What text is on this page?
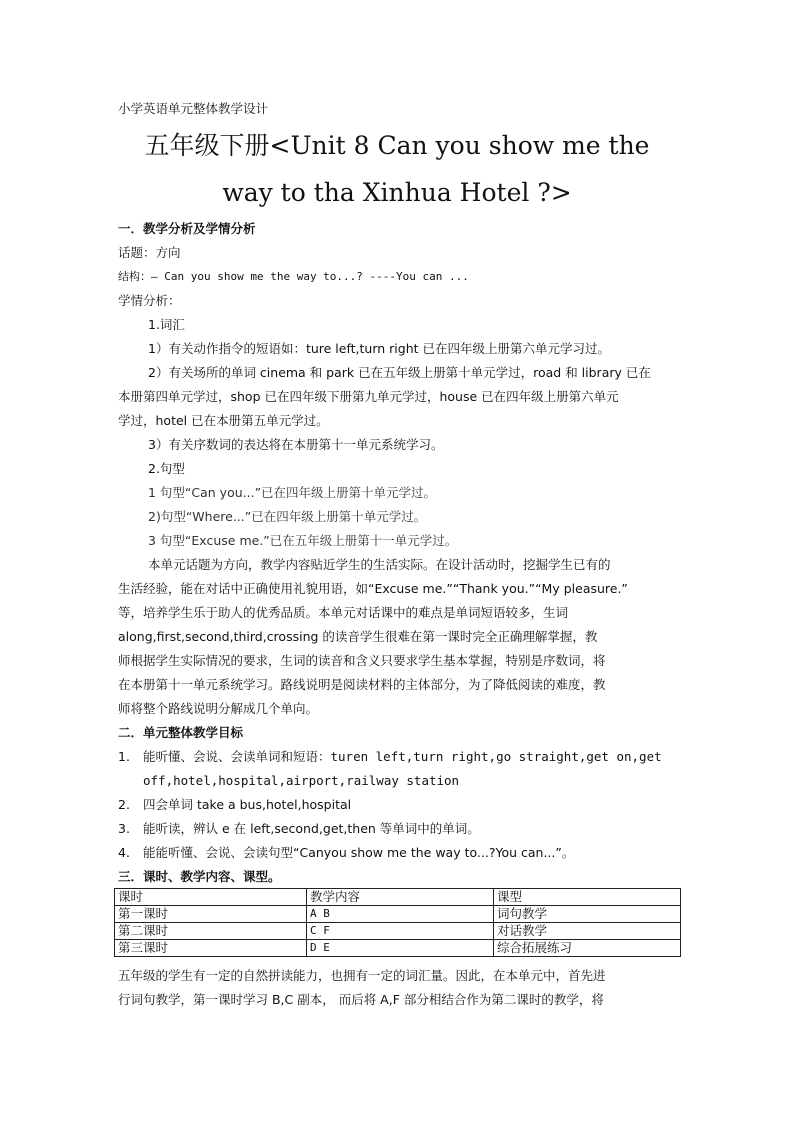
小学英语单元整体教学设计
五年级下册<Unit 8 Can you show me the
way to tha Xinhua Hotel ?>
一．教学分析及学情分析
话题：方向
结构：— Can you show me the way to...? ----You can ...
学情分析：
1.词汇
1）有关动作指令的短语如：ture left,turn right 已在四年级上册第六单元学习过。
2）有关场所的单词 cinema 和 park 已在五年级上册第十单元学过，road 和 library 已在
本册第四单元学过，shop 已在四年级下册第九单元学过，house 已在四年级上册第六单元
学过，hotel 已在本册第五单元学过。
3）有关序数词的表达将在本册第十一单元系统学习。
2.句型
1 句型“Can you...”已在四年级上册第十单元学过。
2)句型“Where...”已在四年级上册第十单元学过。
3 句型“Excuse me.”已在五年级上册第十一单元学过。
本单元话题为方向，教学内容贴近学生的生活实际。在设计活动时，挖掘学生已有的
生活经验，能在对话中正确使用礼貌用语，如“Excuse me.”“Thank you.”“My pleasure.”
等，培养学生乐于助人的优秀品质。本单元对话课中的难点是单词短语较多，生词
along,first,second,third,crossing 的读音学生很难在第一课时完全正确理解掌握，教
师根据学生实际情况的要求，生词的读音和含义只要求学生基本掌握，特别是序数词，将
在本册第十一单元系统学习。路线说明是阅读材料的主体部分，为了降低阅读的难度，教
师将整个路线说明分解成几个单向。
二．单元整体教学目标
1. 能听懂、会说、会读单词和短语：turen left,turn right,go straight,get on,get
off,hotel,hospital,airport,railway station
2. 四会单词 take a bus,hotel,hospital
3. 能听读，辨认 e 在 left,second,get,then 等单词中的单词。
4. 能能听懂、会说、会读句型“Canyou show me the way to...?You can...”。
三．课时、教学内容、课型。
课时	教学内容	课型
第一课时	A B	词句教学
第二课时	C F	对话教学
第三课时	D E	综合拓展练习
五年级的学生有一定的自然拼读能力，也拥有一定的词汇量。因此，在本单元中，首先进
行词句教学，第一课时学习 B,C 副本， 而后将 A,F 部分相结合作为第二课时的教学，将
